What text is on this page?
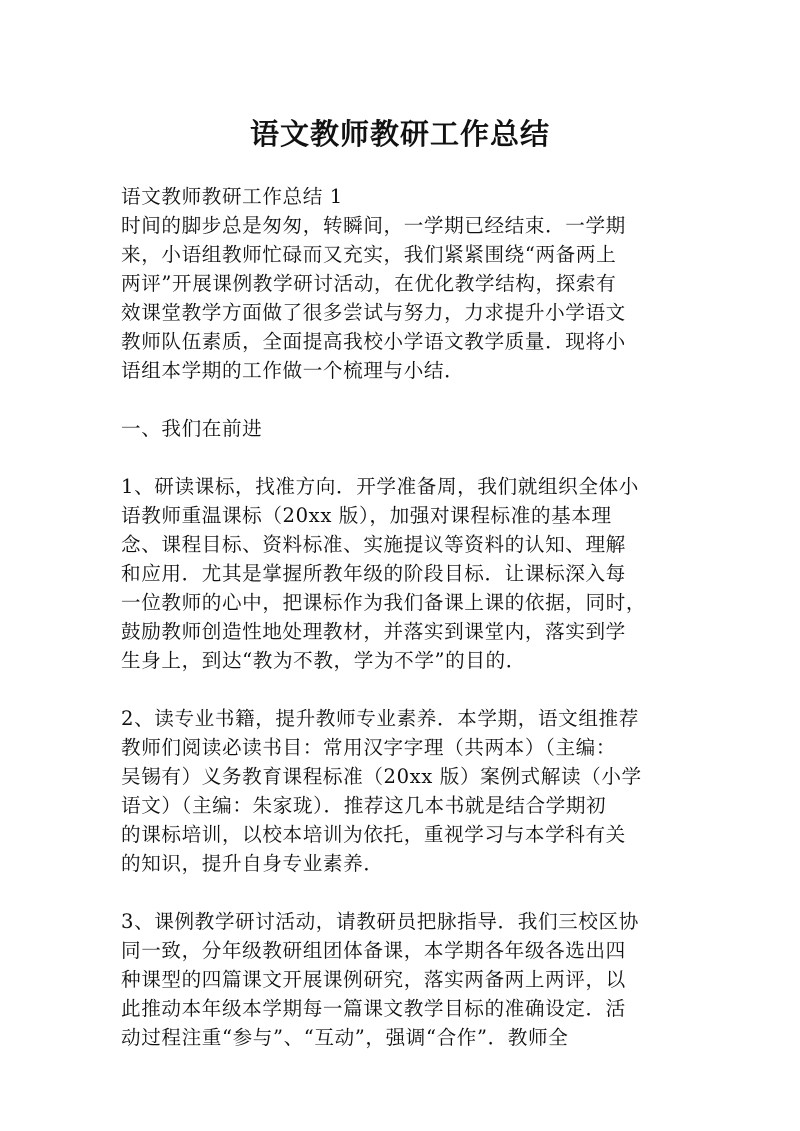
语文教师教研工作总结
语文教师教研工作总结 1
时间的脚步总是匆匆，转瞬间，一学期已经结束．一学期
来，小语组教师忙碌而又充实，我们紧紧围绕“两备两上
两评”开展课例教学研讨活动，在优化教学结构，探索有
效课堂教学方面做了很多尝试与努力，力求提升小学语文
教师队伍素质，全面提高我校小学语文教学质量．现将小
语组本学期的工作做一个梳理与小结．
一、我们在前进
1、研读课标，找准方向．开学准备周，我们就组织全体小
语教师重温课标（20xx 版），加强对课程标准的基本理
念、课程目标、资料标准、实施提议等资料的认知、理解
和应用．尤其是掌握所教年级的阶段目标．让课标深入每
一位教师的心中，把课标作为我们备课上课的依据，同时，
鼓励教师创造性地处理教材，并落实到课堂内，落实到学
生身上，到达“教为不教，学为不学”的目的．
2、读专业书籍，提升教师专业素养．本学期，语文组推荐
教师们阅读必读书目：常用汉字字理（共两本）（主编：
吴锡有）义务教育课程标准（20xx 版）案例式解读（小学
语文）（主编：朱家珑）．推荐这几本书就是结合学期初
的课标培训，以校本培训为依托，重视学习与本学科有关
的知识，提升自身专业素养．
3、课例教学研讨活动，请教研员把脉指导．我们三校区协
同一致，分年级教研组团体备课，本学期各年级各选出四
种课型的四篇课文开展课例研究，落实两备两上两评，以
此推动本年级本学期每一篇课文教学目标的准确设定．活
动过程注重“参与”、“互动”，强调“合作”．教师全
